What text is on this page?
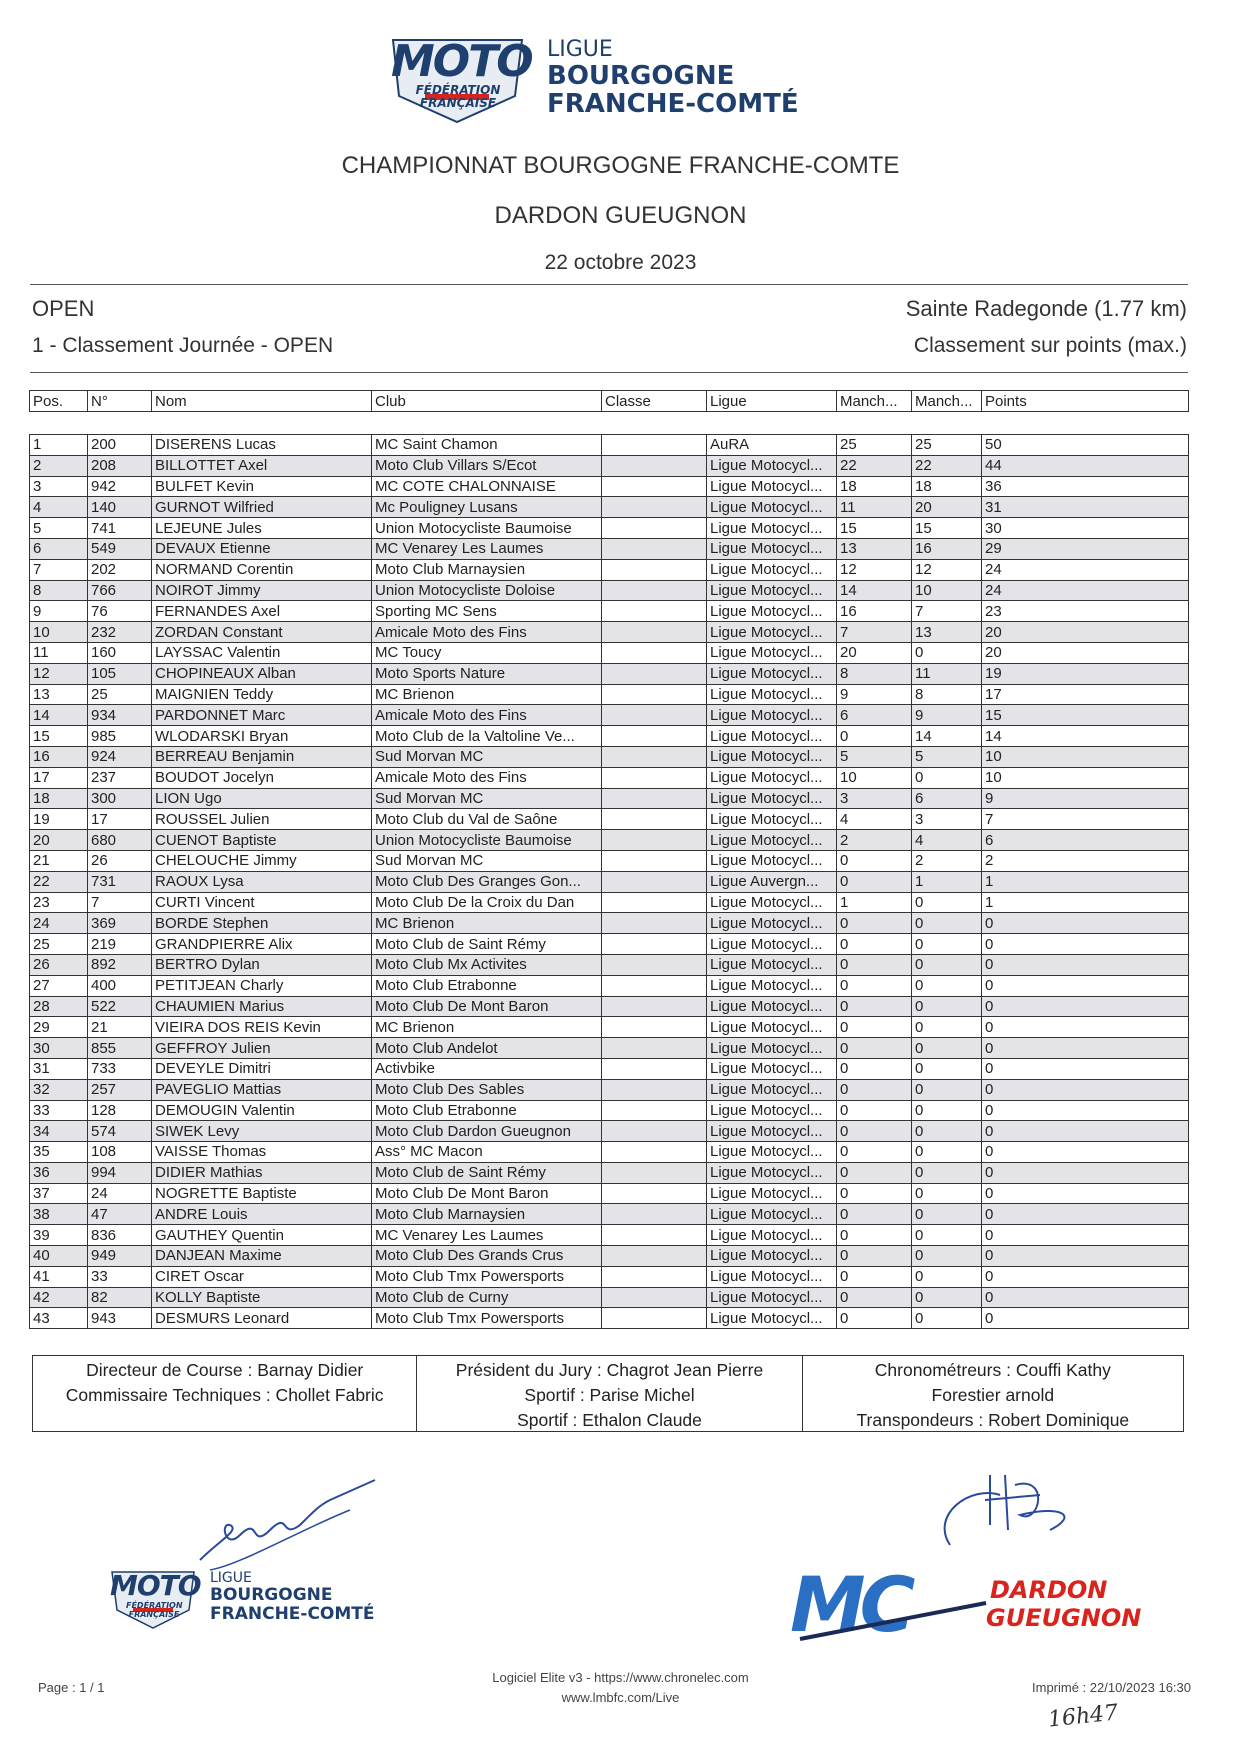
MOTO
FÉDÉRATION
FRANÇAISE
LIGUE
BOURGOGNE
FRANCHE-COMTÉ
CHAMPIONNAT BOURGOGNE FRANCHE-COMTE
DARDON GUEUGNON
22 octobre 2023
OPEN	Sainte Radegonde (1.77 km)
1 - Classement Journée - OPEN	Classement sur points (max.)
Pos.	N°	Nom	Club	Classe	Ligue	Manch...	Manch...	Points
1	200	DISERENS Lucas	MC Saint Chamon		AuRA	25	25	50
2	208	BILLOTTET Axel	Moto Club Villars S/Ecot		Ligue Motocycl...	22	22	44
3	942	BULFET Kevin	MC COTE CHALONNAISE		Ligue Motocycl...	18	18	36
4	140	GURNOT Wilfried	Mc Pouligney Lusans		Ligue Motocycl...	11	20	31
5	741	LEJEUNE Jules	Union Motocycliste Baumoise		Ligue Motocycl...	15	15	30
6	549	DEVAUX Etienne	MC Venarey Les Laumes		Ligue Motocycl...	13	16	29
7	202	NORMAND Corentin	Moto Club Marnaysien		Ligue Motocycl...	12	12	24
8	766	NOIROT Jimmy	Union Motocycliste Doloise		Ligue Motocycl...	14	10	24
9	76	FERNANDES Axel	Sporting MC Sens		Ligue Motocycl...	16	7	23
10	232	ZORDAN Constant	Amicale Moto des Fins		Ligue Motocycl...	7	13	20
11	160	LAYSSAC Valentin	MC Toucy		Ligue Motocycl...	20	0	20
12	105	CHOPINEAUX Alban	Moto Sports Nature		Ligue Motocycl...	8	11	19
13	25	MAIGNIEN Teddy	MC Brienon		Ligue Motocycl...	9	8	17
14	934	PARDONNET Marc	Amicale Moto des Fins		Ligue Motocycl...	6	9	15
15	985	WLODARSKI Bryan	Moto Club de la Valtoline Ve...		Ligue Motocycl...	0	14	14
16	924	BERREAU Benjamin	Sud Morvan MC		Ligue Motocycl...	5	5	10
17	237	BOUDOT Jocelyn	Amicale Moto des Fins		Ligue Motocycl...	10	0	10
18	300	LION Ugo	Sud Morvan MC		Ligue Motocycl...	3	6	9
19	17	ROUSSEL Julien	Moto Club du Val de Saône		Ligue Motocycl...	4	3	7
20	680	CUENOT Baptiste	Union Motocycliste Baumoise		Ligue Motocycl...	2	4	6
21	26	CHELOUCHE Jimmy	Sud Morvan MC		Ligue Motocycl...	0	2	2
22	731	RAOUX Lysa	Moto Club Des Granges Gon...		Ligue Auvergn...	0	1	1
23	7	CURTI Vincent	Moto Club De la Croix du Dan		Ligue Motocycl...	1	0	1
24	369	BORDE Stephen	MC Brienon		Ligue Motocycl...	0	0	0
25	219	GRANDPIERRE Alix	Moto Club de Saint Rémy		Ligue Motocycl...	0	0	0
26	892	BERTRO Dylan	Moto Club Mx Activites		Ligue Motocycl...	0	0	0
27	400	PETITJEAN Charly	Moto Club Etrabonne		Ligue Motocycl...	0	0	0
28	522	CHAUMIEN Marius	Moto Club De Mont Baron		Ligue Motocycl...	0	0	0
29	21	VIEIRA DOS REIS Kevin	MC Brienon		Ligue Motocycl...	0	0	0
30	855	GEFFROY Julien	Moto Club Andelot		Ligue Motocycl...	0	0	0
31	733	DEVEYLE Dimitri	Activbike		Ligue Motocycl...	0	0	0
32	257	PAVEGLIO Mattias	Moto Club Des Sables		Ligue Motocycl...	0	0	0
33	128	DEMOUGIN Valentin	Moto Club Etrabonne		Ligue Motocycl...	0	0	0
34	574	SIWEK Levy	Moto Club Dardon Gueugnon		Ligue Motocycl...	0	0	0
35	108	VAISSE Thomas	Ass° MC Macon		Ligue Motocycl...	0	0	0
36	994	DIDIER Mathias	Moto Club de Saint Rémy		Ligue Motocycl...	0	0	0
37	24	NOGRETTE Baptiste	Moto Club De Mont Baron		Ligue Motocycl...	0	0	0
38	47	ANDRE Louis	Moto Club Marnaysien		Ligue Motocycl...	0	0	0
39	836	GAUTHEY Quentin	MC Venarey Les Laumes		Ligue Motocycl...	0	0	0
40	949	DANJEAN Maxime	Moto Club Des Grands Crus		Ligue Motocycl...	0	0	0
41	33	CIRET Oscar	Moto Club Tmx Powersports		Ligue Motocycl...	0	0	0
42	82	KOLLY Baptiste	Moto Club de Curny		Ligue Motocycl...	0	0	0
43	943	DESMURS Leonard	Moto Club Tmx Powersports		Ligue Motocycl...	0	0	0
Directeur de Course : Barnay Didier
Commissaire Techniques : Chollet Fabric
Président du Jury : Chagrot Jean Pierre
Sportif : Parise Michel
Sportif : Ethalon Claude
Chronométreurs : Couffi Kathy
Forestier arnold
Transpondeurs : Robert Dominique
MOTO
FÉDÉRATION
FRANÇAISE
LIGUE
BOURGOGNE
FRANCHE-COMTÉ	MC	DARDON
GUEUGNON
Page : 1 / 1
Logiciel Elite v3 - https://www.chronelec.com
www.lmbfc.com/Live
Imprimé : 22/10/2023 16:30
16h47
